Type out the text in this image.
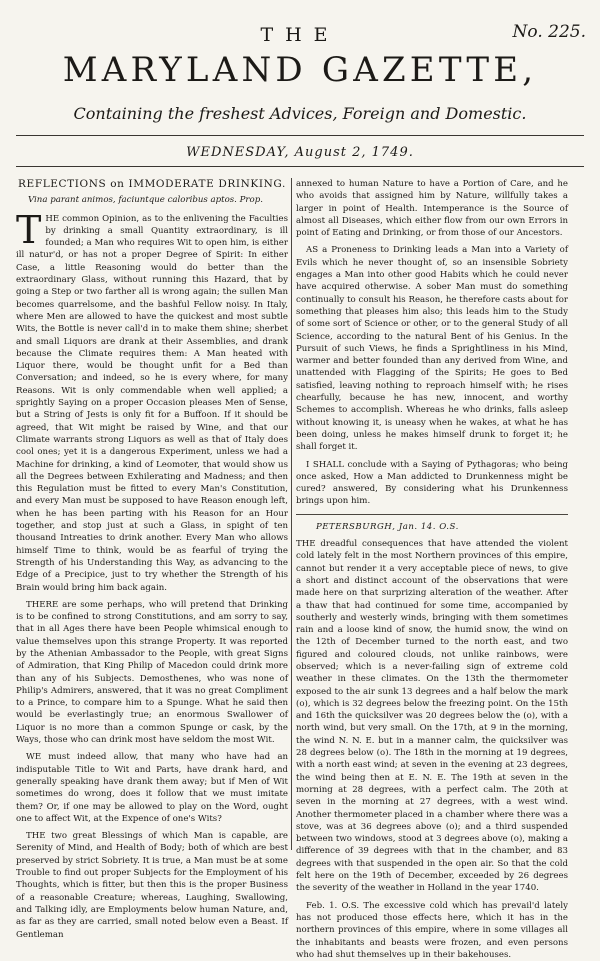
THE	No. 225.
MARYLAND GAZETTE,
Containing the freshest Advices, Foreign and Domestic.
WEDNESDAY, August 2, 1749.
REFLECTIONS on IMMODERATE DRINKING.
Vina parant animos, faciuntque caloribus aptos. Prop.

THE common Opinion, as to the enlivening the Faculties by drinking a small Quantity extraordinary, is ill founded; a Man who requires Wit to open him, is either ill natur'd, or has not a proper Degree of Spirit: In either Case, a little Reasoning would do better than the extraordinary Glass, without running this Hazard, that by going a Step or two farther all is wrong again; the sullen Man becomes quarrelsome, and the bashful Fellow noisy. In Italy, where Men are allowed to have the quickest and most subtle Wits, the Bottle is never call'd in to make them shine; sherbet and small Liquors are drank at their Assemblies, and drank because the Climate requires them: A Man heated with Liquor there, would be thought unfit for a Bed than Conversation; and indeed, so he is every where, for many Reasons. Wit is only commendable when well applied; a sprightly Saying on a proper Occasion pleases Men of Sense, but a String of Jests is only fit for a Buffoon. If it should be agreed, that Wit might be raised by Wine, and that our Climate warrants strong Liquors as well as that of Italy does cool ones; yet it is a dangerous Experiment, unless we had a Machine for drinking, a kind of Leomoter, that would show us all the Degrees between Exhilerating and Madness; and then this Regulation must be fitted to every Man's Constitution, and every Man must be supposed to have Reason enough left, when he has been parting with his Reason for an Hour together, and stop just at such a Glass, in spight of ten thousand Intreaties to drink another. Every Man who allows himself Time to think, would be as fearful of trying the Strength of his Understanding this Way, as advancing to the Edge of a Precipice, just to try whether the Strength of his Brain would bring him back again.

THERE are some perhaps, who will pretend that Drinking is to be confined to strong Constitutions, and am sorry to say, that in all Ages there have been People whimsical enough to value themselves upon this strange Property. It was reported by the Athenian Ambassador to the People, with great Signs of Admiration, that King Philip of Macedon could drink more than any of his Subjects. Demosthenes, who was none of Philip's Admirers, answered, that it was no great Compliment to a Prince, to compare him to a Spunge. What he said then would be everlastingly true; an enormous Swallower of Liquor is no more than a common Spunge or cask, by the Ways, those who can drink most have seldom the most Wit.

WE must indeed allow, that many who have had an indisputable Title to Wit and Parts, have drank hard, and generally speaking have drank them away; but if Men of Wit sometimes do wrong, does it follow that we must imitate them? Or, if one may be allowed to play on the Word, ought one to affect Wit, at the Expence of one's Wits?

THE two great Blessings of which Man is capable, are Serenity of Mind, and Health of Body; both of which are best preserved by strict Sobriety. It is true, a Man must be at some Trouble to find out proper Subjects for the Employment of his Thoughts, which is fitter, but then this is the proper Business of a reasonable Creature; whereas, Laughing, Swallowing, and Talking idly, are Employments below human Nature, and, as far as they are carried, small noted below even a Beast. If Gentleman

annexed to human Nature to have a Portion of Care, and he who avoids that assigned him by Nature, willfully takes a larger in point of Health. Intemperance is the Source of almost all Diseases, which either flow from our own Errors in point of Eating and Drinking, or from those of our Ancestors.

AS a Proneness to Drinking leads a Man into a Variety of Evils which he never thought of, so an insensible Sobriety engages a Man into other good Habits which he could never have acquired otherwise. A sober Man must do something continually to consult his Reason, he therefore casts about for something that pleases him also; this leads him to the Study of some sort of Science or other, or to the general Study of all Science, according to the natural Bent of his Genius. In the Pursuit of such Views, he finds a Sprightliness in his Mind, warmer and better founded than any derived from Wine, and unattended with Flagging of the Spirits; He goes to Bed satisfied, leaving nothing to reproach himself with; he rises chearfully, because he has new, innocent, and worthy Schemes to accomplish. Whereas he who drinks, falls asleep without knowing it, is uneasy when he wakes, at what he has been doing, unless he makes himself drunk to forget it; he shall forget it.

I SHALL conclude with a Saying of Pythagoras; who being once asked, How a Man addicted to Drunkenness might be cured? answered, By considering what his Drunkenness brings upon him.

PETERSBURGH, Jan. 14. O.S.

THE dreadful consequences that have attended the violent cold lately felt in the most Northern provinces of this empire, cannot but render it a very acceptable piece of news, to give a short and distinct account of the observations that were made here on that surprizing alteration of the weather. After a thaw that had continued for some time, accompanied by southerly and westerly winds, bringing with them sometimes rain and a loose kind of snow, the humid snow, the wind on the 12th of December turned to the north east, and two figured and coloured clouds, not unlike rainbows, were observed; which is a never-failing sign of extreme cold weather in these climates. On the 13th the thermometer exposed to the air sunk 13 degrees and a half below the mark (o), which is 32 degrees below the freezing point. On the 15th and 16th the quicksilver was 20 degrees below the (o), with a north wind, but very small. On the 17th, at 9 in the morning, the wind N. N. E. but in a manner calm, the quicksilver was 28 degrees below (o). The 18th in the morning at 19 degrees, with a north east wind; at seven in the evening at 23 degrees, the wind being then at E. N. E. The 19th at seven in the morning at 28 degrees, with a perfect calm. The 20th at seven in the morning at 27 degrees, with a west wind. Another thermometer placed in a chamber where there was a stove, was at 36 degrees above (o); and a third suspended between two windows, stood at 3 degrees above (o), making a difference of 39 degrees with that in the chamber, and 83 degrees with that suspended in the open air. So that the cold felt here on the 19th of December, exceeded by 26 degrees the severity of the weather in Holland in the year 1740.

Feb. 1. O.S. The excessive cold which has prevail'd lately has not produced those effects here, which it has in the northern provinces of this empire, where in some villages all the inhabitants and beasts were frozen, and even persons who had shut themselves up in their bakehouses.
